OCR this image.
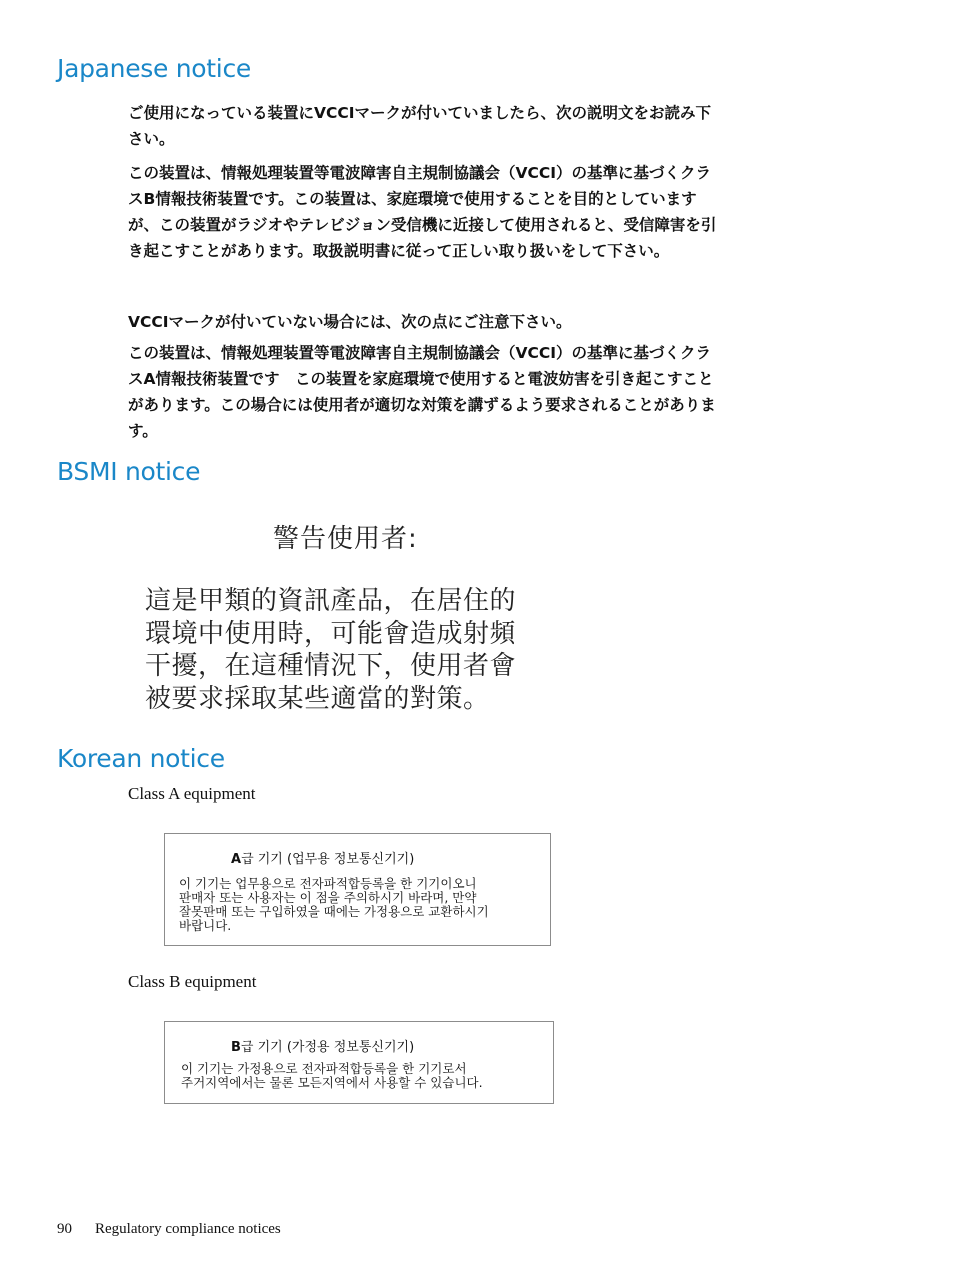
Japanese notice

ご使用になっている装置にVCCIマークが付いていましたら、次の説明文をお読み下さい。

この装置は、情報処理装置等電波障害自主規制協議会（VCCI）の基準に基づくクラスB情報技術装置です。この装置は、家庭環境で使用することを目的としていますが、この装置がラジオやテレビジョン受信機に近接して使用されると、受信障害を引き起こすことがあります。取扱説明書に従って正しい取り扱いをして下さい。

VCCIマークが付いていない場合には、次の点にご注意下さい。

この装置は、情報処理装置等電波障害自主規制協議会（VCCI）の基準に基づくクラスA情報技術装置です　この装置を家庭環境で使用すると電波妨害を引き起こすことがあります。この場合には使用者が適切な対策を講ずるよう要求されることがあります。

BSMI notice

警告使用者:

這是甲類的資訊產品，在居住的
環境中使用時，可能會造成射頻
干擾，在這種情況下，使用者會
被要求採取某些適當的對策。
Korean notice
Class A equipment

A급 기기 (업무용 정보통신기기)

이 기기는 업무용으로 전자파적합등록을 한 기기이오니
판매자 또는 사용자는 이 점을 주의하시기 바라며, 만약
잘못판매 또는 구입하였을 때에는 가정용으로 교환하시기
바랍니다.
Class B equipment

B급 기기 (가정용 정보통신기기)

이 기기는 가정용으로 전자파적합등록을 한 기기로서
주거지역에서는 물론 모든지역에서 사용할 수 있습니다.
90 Regulatory compliance notices
